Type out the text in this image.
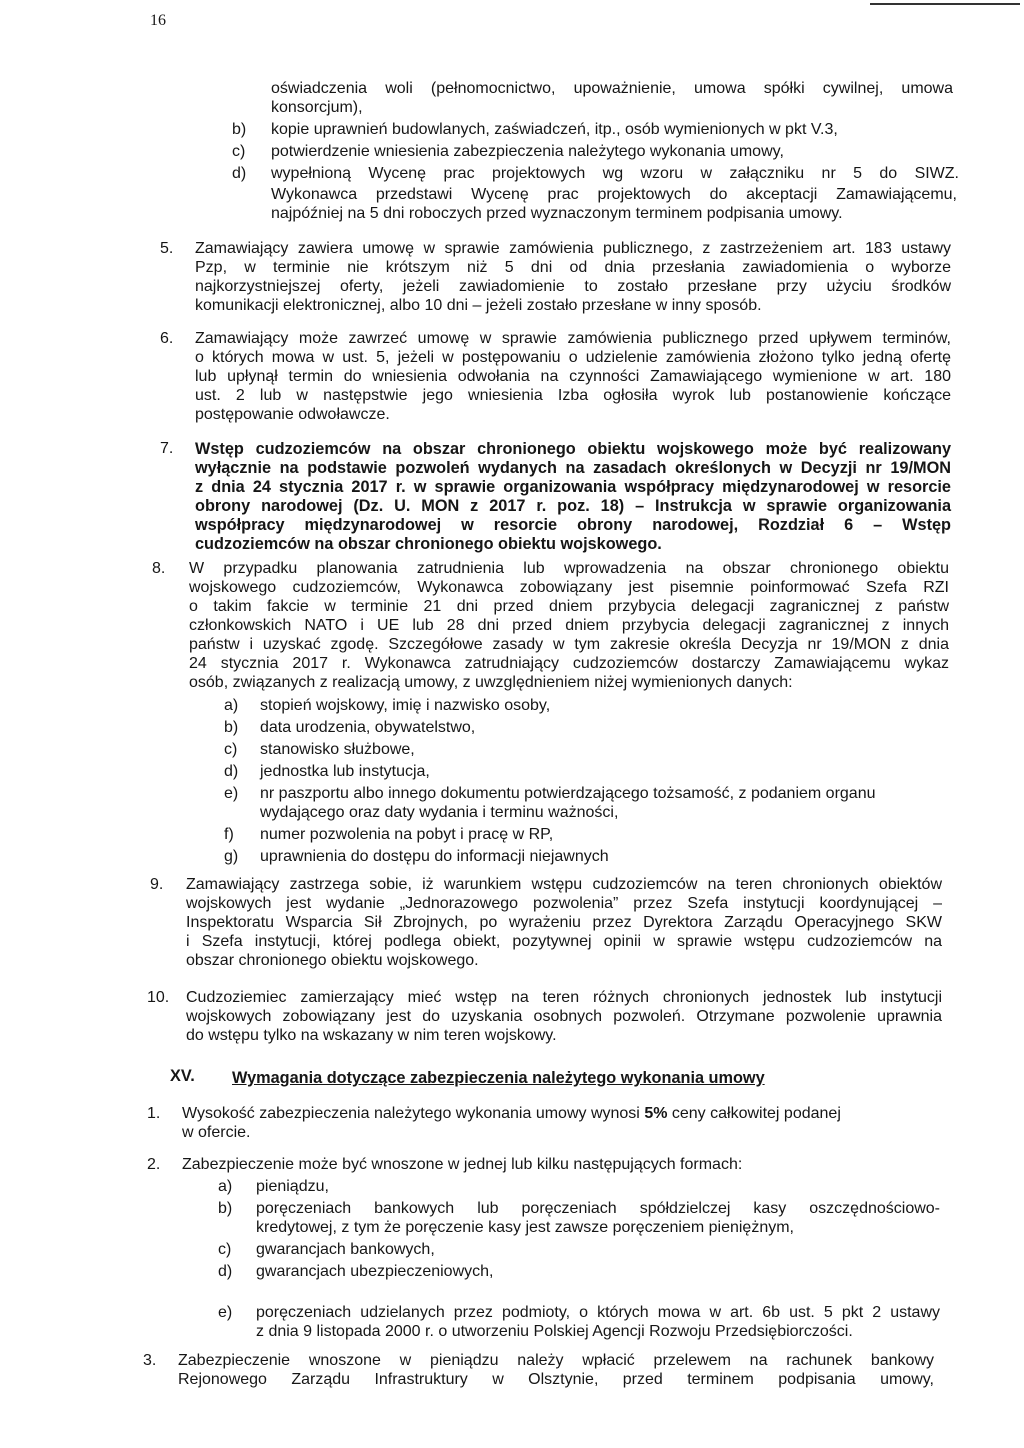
16
oświadczenia woli (pełnomocnictwo, upoważnienie, umowa spółki cywilnej, umowa
konsorcjum),
b) kopie uprawnień budowlanych, zaświadczeń, itp., osób wymienionych w pkt V.3,
c) potwierdzenie wniesienia zabezpieczenia należytego wykonania umowy,
d) wypełnioną Wycenę prac projektowych wg wzoru w załączniku nr 5 do SIWZ.
Wykonawca przedstawi Wycenę prac projektowych do akceptacji Zamawiającemu,
najpóźniej na 5 dni roboczych przed wyznaczonym terminem podpisania umowy.
5. Zamawiający zawiera umowę w sprawie zamówienia publicznego, z zastrzeżeniem art. 183 ustawy
Pzp, w terminie nie krótszym niż 5 dni od dnia przesłania zawiadomienia o wyborze
najkorzystniejszej oferty, jeżeli zawiadomienie to zostało przesłane przy użyciu środków
komunikacji elektronicznej, albo 10 dni – jeżeli zostało przesłane w inny sposób.
6. Zamawiający może zawrzeć umowę w sprawie zamówienia publicznego przed upływem terminów,
o których mowa w ust. 5, jeżeli w postępowaniu o udzielenie zamówienia złożono tylko jedną ofertę
lub upłynął termin do wniesienia odwołania na czynności Zamawiającego wymienione w art. 180
ust. 2 lub w następstwie jego wniesienia Izba ogłosiła wyrok lub postanowienie kończące
postępowanie odwoławcze.
7. Wstęp cudzoziemców na obszar chronionego obiektu wojskowego może być realizowany
wyłącznie na podstawie pozwoleń wydanych na zasadach określonych w Decyzji nr 19/MON
z dnia 24 stycznia 2017 r. w sprawie organizowania współpracy międzynarodowej w resorcie
obrony narodowej (Dz. U. MON z 2017 r. poz. 18) – Instrukcja w sprawie organizowania
współpracy międzynarodowej w resorcie obrony narodowej, Rozdział 6 – Wstęp
cudzoziemców na obszar chronionego obiektu wojskowego.
8. W przypadku planowania zatrudnienia lub wprowadzenia na obszar chronionego obiektu
wojskowego cudzoziemców, Wykonawca zobowiązany jest pisemnie poinformować Szefa RZI
o takim fakcie w terminie 21 dni przed dniem przybycia delegacji zagranicznej z państw
członkowskich NATO i UE lub 28 dni przed dniem przybycia delegacji zagranicznej z innych
państw i uzyskać zgodę. Szczegółowe zasady w tym zakresie określa Decyzja nr 19/MON z dnia
24 stycznia 2017 r. Wykonawca zatrudniający cudzoziemców dostarczy Zamawiającemu wykaz
osób, związanych z realizacją umowy, z uwzględnieniem niżej wymienionych danych:
a) stopień wojskowy, imię i nazwisko osoby,
b) data urodzenia, obywatelstwo,
c) stanowisko służbowe,
d) jednostka lub instytucja,
e) nr paszportu albo innego dokumentu potwierdzającego tożsamość, z podaniem organu
wydającego oraz daty wydania i terminu ważności,
f) numer pozwolenia na pobyt i pracę w RP,
g) uprawnienia do dostępu do informacji niejawnych
9. Zamawiający zastrzega sobie, iż warunkiem wstępu cudzoziemców na teren chronionych obiektów
wojskowych jest wydanie „Jednorazowego pozwolenia” przez Szefa instytucji koordynującej –
Inspektoratu Wsparcia Sił Zbrojnych, po wyrażeniu przez Dyrektora Zarządu Operacyjnego SKW
i Szefa instytucji, której podlega obiekt, pozytywnej opinii w sprawie wstępu cudzoziemców na
obszar chronionego obiektu wojskowego.
10. Cudzoziemiec zamierzający mieć wstęp na teren różnych chronionych jednostek lub instytucji
wojskowych zobowiązany jest do uzyskania osobnych pozwoleń. Otrzymane pozwolenie uprawnia
do wstępu tylko na wskazany w nim teren wojskowy.
XV. Wymagania dotyczące zabezpieczenia należytego wykonania umowy
1. Wysokość zabezpieczenia należytego wykonania umowy wynosi 5% ceny całkowitej podanej
w ofercie.
2. Zabezpieczenie może być wnoszone w jednej lub kilku następujących formach:
a) pieniądzu,
b) poręczeniach bankowych lub poręczeniach spółdzielczej kasy oszczędnościowo-
kredytowej, z tym że poręczenie kasy jest zawsze poręczeniem pieniężnym,
c) gwarancjach bankowych,
d) gwarancjach ubezpieczeniowych,
e) poręczeniach udzielanych przez podmioty, o których mowa w art. 6b ust. 5 pkt 2 ustawy
z dnia 9 listopada 2000 r. o utworzeniu Polskiej Agencji Rozwoju Przedsiębiorczości.
3. Zabezpieczenie wnoszone w pieniądzu należy wpłacić przelewem na rachunek bankowy
Rejonowego Zarządu Infrastruktury w Olsztynie, przed terminem podpisania umowy,
